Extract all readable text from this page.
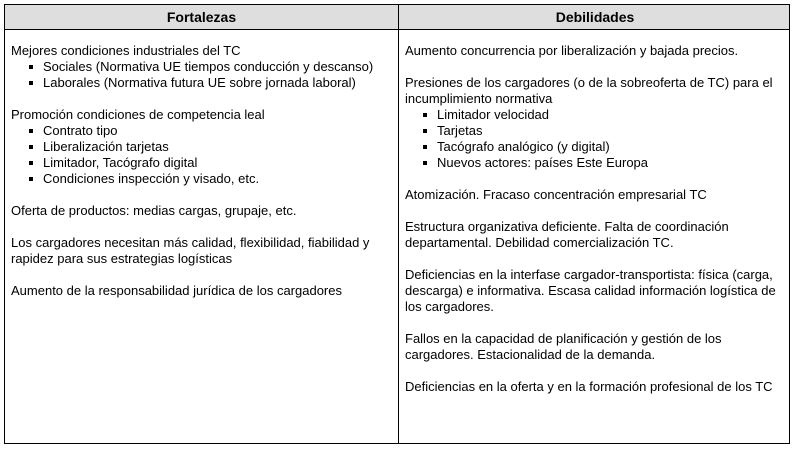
Fortalezas	Debilidades
Mejores condiciones industriales del TC
Sociales (Normativa UE tiempos conducción y descanso)
Laborales (Normativa futura UE sobre jornada laboral)
Promoción condiciones de competencia leal
Contrato tipo
Liberalización tarjetas
Limitador, Tacógrafo digital
Condiciones inspección y visado, etc.
Oferta de productos: medias cargas, grupaje, etc.
Los cargadores necesitan más calidad, flexibilidad, fiabilidad y rapidez para sus estrategias logísticas
Aumento de la responsabilidad jurídica de los cargadores
Aumento concurrencia por liberalización y bajada precios.
Presiones de los cargadores (o de la sobreoferta de TC) para el incumplimiento normativa
Limitador velocidad
Tarjetas
Tacógrafo analógico (y digital)
Nuevos actores: países Este Europa
Atomización. Fracaso concentración empresarial TC
Estructura organizativa deficiente. Falta de coordinación departamental. Debilidad comercialización TC.
Deficiencias en la interfase cargador-transportista: física (carga, descarga) e informativa. Escasa calidad información logística de los cargadores.
Fallos en la capacidad de planificación y gestión de los cargadores. Estacionalidad de la demanda.
Deficiencias en la oferta y en la formación profesional de los TC
